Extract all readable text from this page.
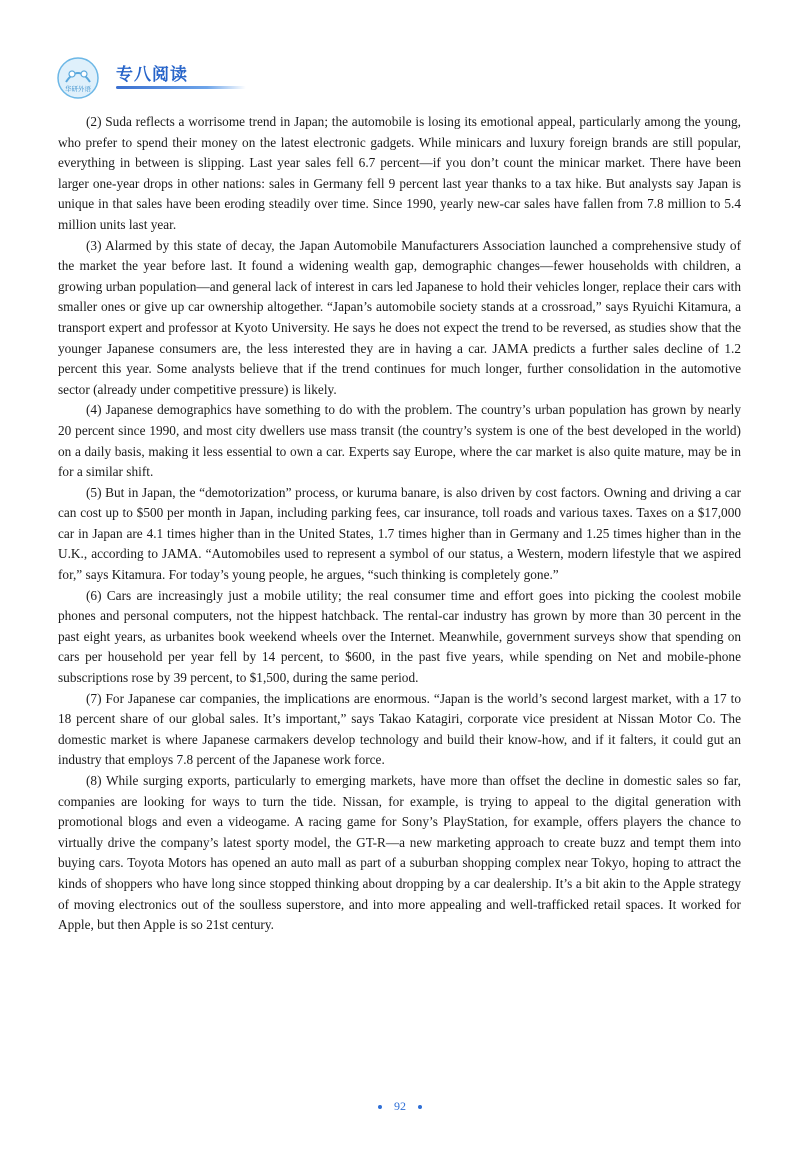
华研外语
专八阅读

(2) Suda reflects a worrisome trend in Japan; the automobile is losing its emotional appeal, particularly among the young, who prefer to spend their money on the latest electronic gadgets. While minicars and luxury foreign brands are still popular, everything in between is slipping. Last year sales fell 6.7 percent—if you don’t count the minicar market. There have been larger one-year drops in other nations: sales in Germany fell 9 percent last year thanks to a tax hike. But analysts say Japan is unique in that sales have been eroding steadily over time. Since 1990, yearly new-car sales have fallen from 7.8 million to 5.4 million units last year.

(3) Alarmed by this state of decay, the Japan Automobile Manufacturers Association launched a comprehensive study of the market the year before last. It found a widening wealth gap, demographic changes—fewer households with children, a growing urban population—and general lack of interest in cars led Japanese to hold their vehicles longer, replace their cars with smaller ones or give up car ownership altogether. “Japan’s automobile society stands at a crossroad,” says Ryuichi Kitamura, a transport expert and professor at Kyoto University. He says he does not expect the trend to be reversed, as studies show that the younger Japanese consumers are, the less interested they are in having a car. JAMA predicts a further sales decline of 1.2 percent this year. Some analysts believe that if the trend continues for much longer, further consolidation in the automotive sector (already under competitive pressure) is likely.

(4) Japanese demographics have something to do with the problem. The country’s urban population has grown by nearly 20 percent since 1990, and most city dwellers use mass transit (the country’s system is one of the best developed in the world) on a daily basis, making it less essential to own a car. Experts say Europe, where the car market is also quite mature, may be in for a similar shift.

(5) But in Japan, the “demotorization” process, or kuruma banare, is also driven by cost factors. Owning and driving a car can cost up to $500 per month in Japan, including parking fees, car insurance, toll roads and various taxes. Taxes on a $17,000 car in Japan are 4.1 times higher than in the United States, 1.7 times higher than in Germany and 1.25 times higher than in the U.K., according to JAMA. “Automobiles used to represent a symbol of our status, a Western, modern lifestyle that we aspired for,” says Kitamura. For today’s young people, he argues, “such thinking is completely gone.”

(6) Cars are increasingly just a mobile utility; the real consumer time and effort goes into picking the coolest mobile phones and personal computers, not the hippest hatchback. The rental-car industry has grown by more than 30 percent in the past eight years, as urbanites book weekend wheels over the Internet. Meanwhile, government surveys show that spending on cars per household per year fell by 14 percent, to $600, in the past five years, while spending on Net and mobile-phone subscriptions rose by 39 percent, to $1,500, during the same period.

(7) For Japanese car companies, the implications are enormous. “Japan is the world’s second largest market, with a 17 to 18 percent share of our global sales. It’s important,” says Takao Katagiri, corporate vice president at Nissan Motor Co. The domestic market is where Japanese carmakers develop technology and build their know-how, and if it falters, it could gut an industry that employs 7.8 percent of the Japanese work force.

(8) While surging exports, particularly to emerging markets, have more than offset the decline in domestic sales so far, companies are looking for ways to turn the tide. Nissan, for example, is trying to appeal to the digital generation with promotional blogs and even a videogame. A racing game for Sony’s PlayStation, for example, offers players the chance to virtually drive the company’s latest sporty model, the GT-R—a new marketing approach to create buzz and tempt them into buying cars. Toyota Motors has opened an auto mall as part of a suburban shopping complex near Tokyo, hoping to attract the kinds of shoppers who have long since stopped thinking about dropping by a car dealership. It’s a bit akin to the Apple strategy of moving electronics out of the soulless superstore, and into more appealing and well-trafficked retail spaces. It worked for Apple, but then Apple is so 21st century.

92
